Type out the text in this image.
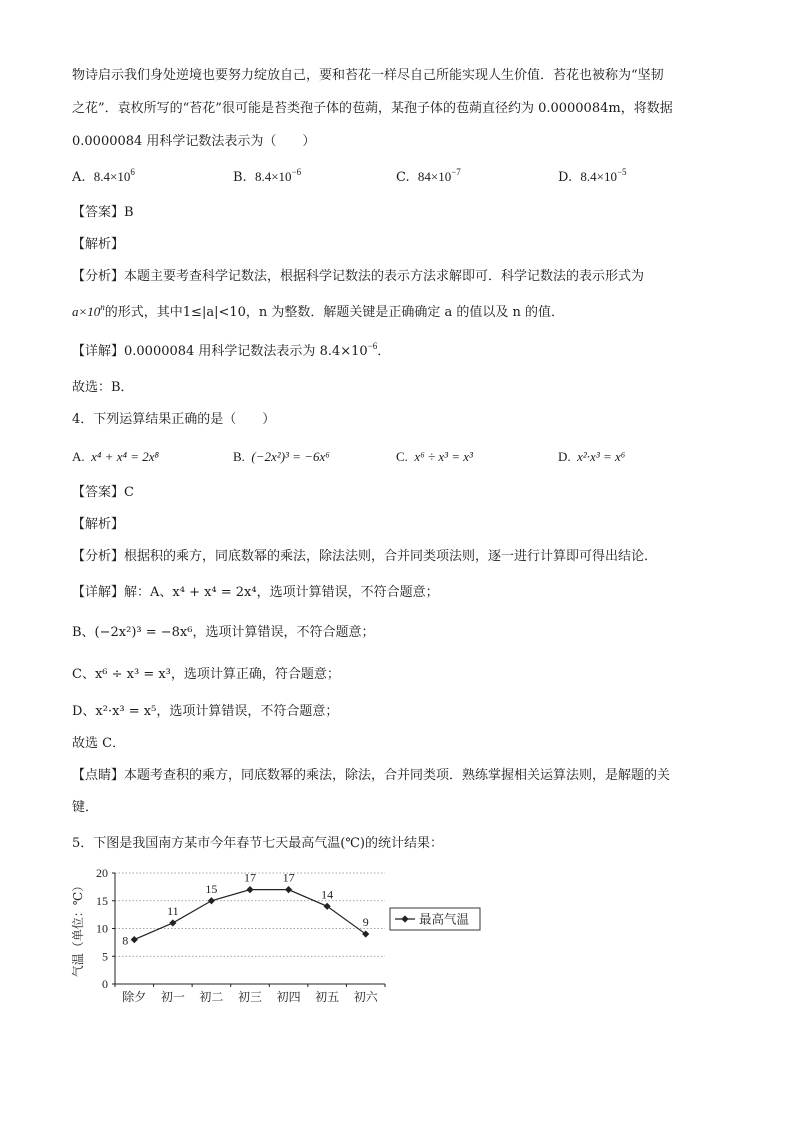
物诗启示我们身处逆境也要努力绽放自己，要和苔花一样尽自己所能实现人生价值．苔花也被称为“坚韧
之花”．袁枚所写的“苔花”很可能是苔类孢子体的苞蒴，某孢子体的苞蒴直径约为 0.0000084m，将数据
0.0000084 用科学记数法表示为（　　）
A. $8.4\times 10^6$	B. $8.4\times 10^{-6}$	C. $84\times 10^{-7}$	D. $8.4\times 10^{-5}$
【答案】B
【解析】
【分析】本题主要考查科学记数法，根据科学记数法的表示方法求解即可．科学记数法的表示形式为
$a\times 10^n$的形式，其中1≤|a|<10，n 为整数．解题关键是正确确定 a 的值以及 n 的值．
【详解】0.0000084 用科学记数法表示为 $8.4\times 10^{-6}$．
故选：B．
4．下列运算结果正确的是（　　）
A. x⁴ + x⁴ = 2x⁸	B. (−2x²)³ = −6x⁶	C. x⁶ ÷ x³ = x³	D. x²·x³ = x⁶
【答案】C
【解析】
【分析】根据积的乘方，同底数幂的乘法，除法法则，合并同类项法则，逐一进行计算即可得出结论．
【详解】解：A、x⁴ + x⁴ = 2x⁴，选项计算错误，不符合题意；
B、(−2x²)³ = −8x⁶，选项计算错误，不符合题意；
C、x⁶ ÷ x³ = x³，选项计算正确，符合题意；
D、x²·x³ = x⁵，选项计算错误，不符合题意；
故选 C．
【点睛】本题考查积的乘方，同底数幂的乘法，除法，合并同类项．熟练掌握相关运算法则，是解题的关
键．
5．下图是我国南方某市今年春节七天最高气温(℃)的统计结果：
0
5
10
15
20
除夕 初一 初二 初三 初四 初五 初六
气温（单位：℃）	8
11
15
17 17
14
9	最高气温
